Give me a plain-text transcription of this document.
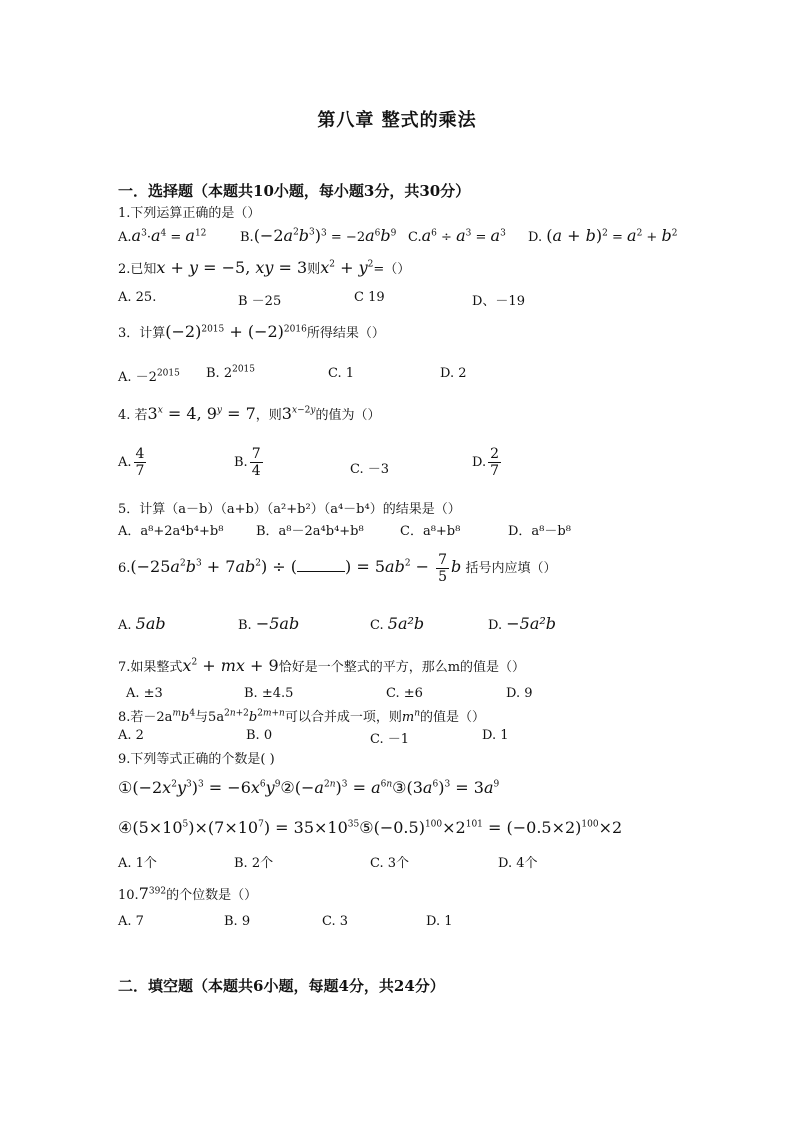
第八章 整式的乘法
一．选择题（本题共10小题，每小题3分，共30分）
1.下列运算正确的是（）
$A.a^3\cdot a^4 = a^{12}$	$B.(-2a^2b^3)^3 = -2a^6b^9$ $C.a^6 \div a^3 = a^3$ D. $(a + b)^2 = a^2 + b^2$
2.已知x + y = −5, xy = 3则$x^2 + y^2=()$
A. 25.	B －25	C 19	D、－19
3．计算$(-2)^{2015} + (-2)^{2016}$所得结果（）
A. $-2^{2015}$ B. $2^{2015}$	C. 1	D. 2
4. 若$3^x = 4$, $9^y = 7$，则$3^{x-2y}$的值为（）
A. $\frac{4}{7}$	B. $\frac{7}{4}$	C. －3	D. $\frac{2}{7}$
5．计算（a－b）（a+b）（a²+b²）（a⁴－b⁴）的结果是（）
A．a⁸+2a⁴b⁴+b⁸	B．a⁸－2a⁴b⁴+b⁸	C．a⁸+b⁸	D．a⁸－b⁸
$6.(-25a^2b^3 + 7ab^2)$ ÷ (	) = $5ab^2 - \frac{7}{5}$ b 括号内应填（）
A. 5ab	B. −5ab	C. 5a²b	D. −5a²b
7.如果整式$x^2$ + mx + 9恰好是一个整式的平方，那么m的值是（）
A. ±3	B. ±4.5	C. ±6	D. 9
8.若$-2a^mb^4$与$5a^{2n+2}b^{2m+n}$可以合并成一项，则$m^n$的值是（）
A. 2	B. 0	C. －1	D. 1
9.下列等式正确的个数是( )
$①(-2x^2y^3)^3$ = $-6x^6y^9②(-a^{2n})^3$ = $a^{6n}③(3a^6)^3 = 3a^9$
$④(5\times 10^5)\times(7\times 10^7)$ = $35\times 10^{35}⑤(-0.5)^{100}\times 2^{101} = (-0.5\times 2)^{100}\times 2$
A. 1个	B. 2个	C. 3个	D. 4个
10.7$^{392}$的个位数是（）
A. 7	B. 9	C. 3	D. 1
二．填空题（本题共6小题，每题4分，共24分）
